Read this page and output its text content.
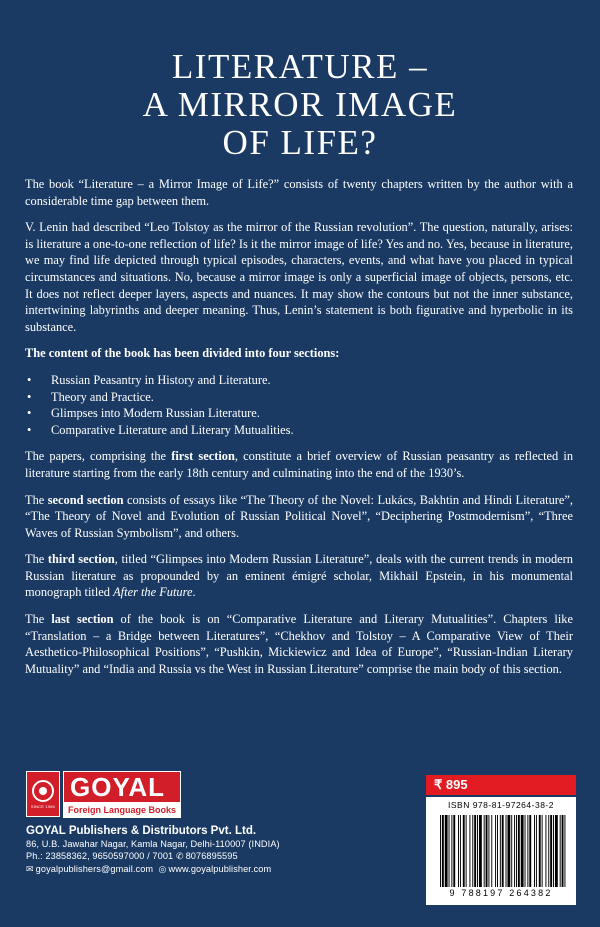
LITERATURE –
A MIRROR IMAGE
OF LIFE?

The book “Literature – a Mirror Image of Life?” consists of twenty chapters written by the author with a considerable time gap between them.

V. Lenin had described “Leo Tolstoy as the mirror of the Russian revolution”. The question, naturally, arises: is literature a one-to-one reflection of life? Is it the mirror image of life? Yes and no. Yes, because in literature, we may find life depicted through typical episodes, characters, events, and what have you placed in typical circumstances and situations. No, because a mirror image is only a superficial image of objects, persons, etc. It does not reflect deeper layers, aspects and nuances. It may show the contours but not the inner substance, intertwining labyrinths and deeper meaning. Thus, Lenin’s statement is both figurative and hyperbolic in its substance.

The content of the book has been divided into four sections:

• Russian Peasantry in History and Literature.
• Theory and Practice.
• Glimpses into Modern Russian Literature.
• Comparative Literature and Literary Mutualities.

The papers, comprising the first section, constitute a brief overview of Russian peasantry as reflected in literature starting from the early 18th century and culminating into the end of the 1930’s.

The second section consists of essays like “The Theory of the Novel: Lukács, Bakhtin and Hindi Literature”, “The Theory of Novel and Evolution of Russian Political Novel”, “Deciphering Postmodernism”, “Three Waves of Russian Symbolism”, and others.

The third section, titled “Glimpses into Modern Russian Literature”, deals with the current trends in modern Russian literature as propounded by an eminent émigré scholar, Mikhail Epstein, in his monumental monograph titled After the Future.

The last section of the book is on “Comparative Literature and Literary Mutualities”. Chapters like “Translation – a Bridge between Literatures”, “Chekhov and Tolstoy – A Comparative View of Their Aesthetico-Philosophical Positions”, “Pushkin, Mickiewicz and Idea of Europe”, “Russian-Indian Literary Mutuality” and “India and Russia vs the West in Russian Literature” comprise the main body of this section.

SINCE 1980
GOYAL
Foreign Language Books
GOYAL Publishers & Distributors Pvt. Ltd.
86, U.B. Jawahar Nagar, Kamla Nagar, Delhi-110007 (INDIA)
Ph.: 23858362, 9650597000 / 7001 ✆ 8076895595
✉ goyalpublishers@gmail.com ◎ www.goyalpublisher.com
₹ 895
ISBN 978-81-97264-38-2
9 788197 264382
